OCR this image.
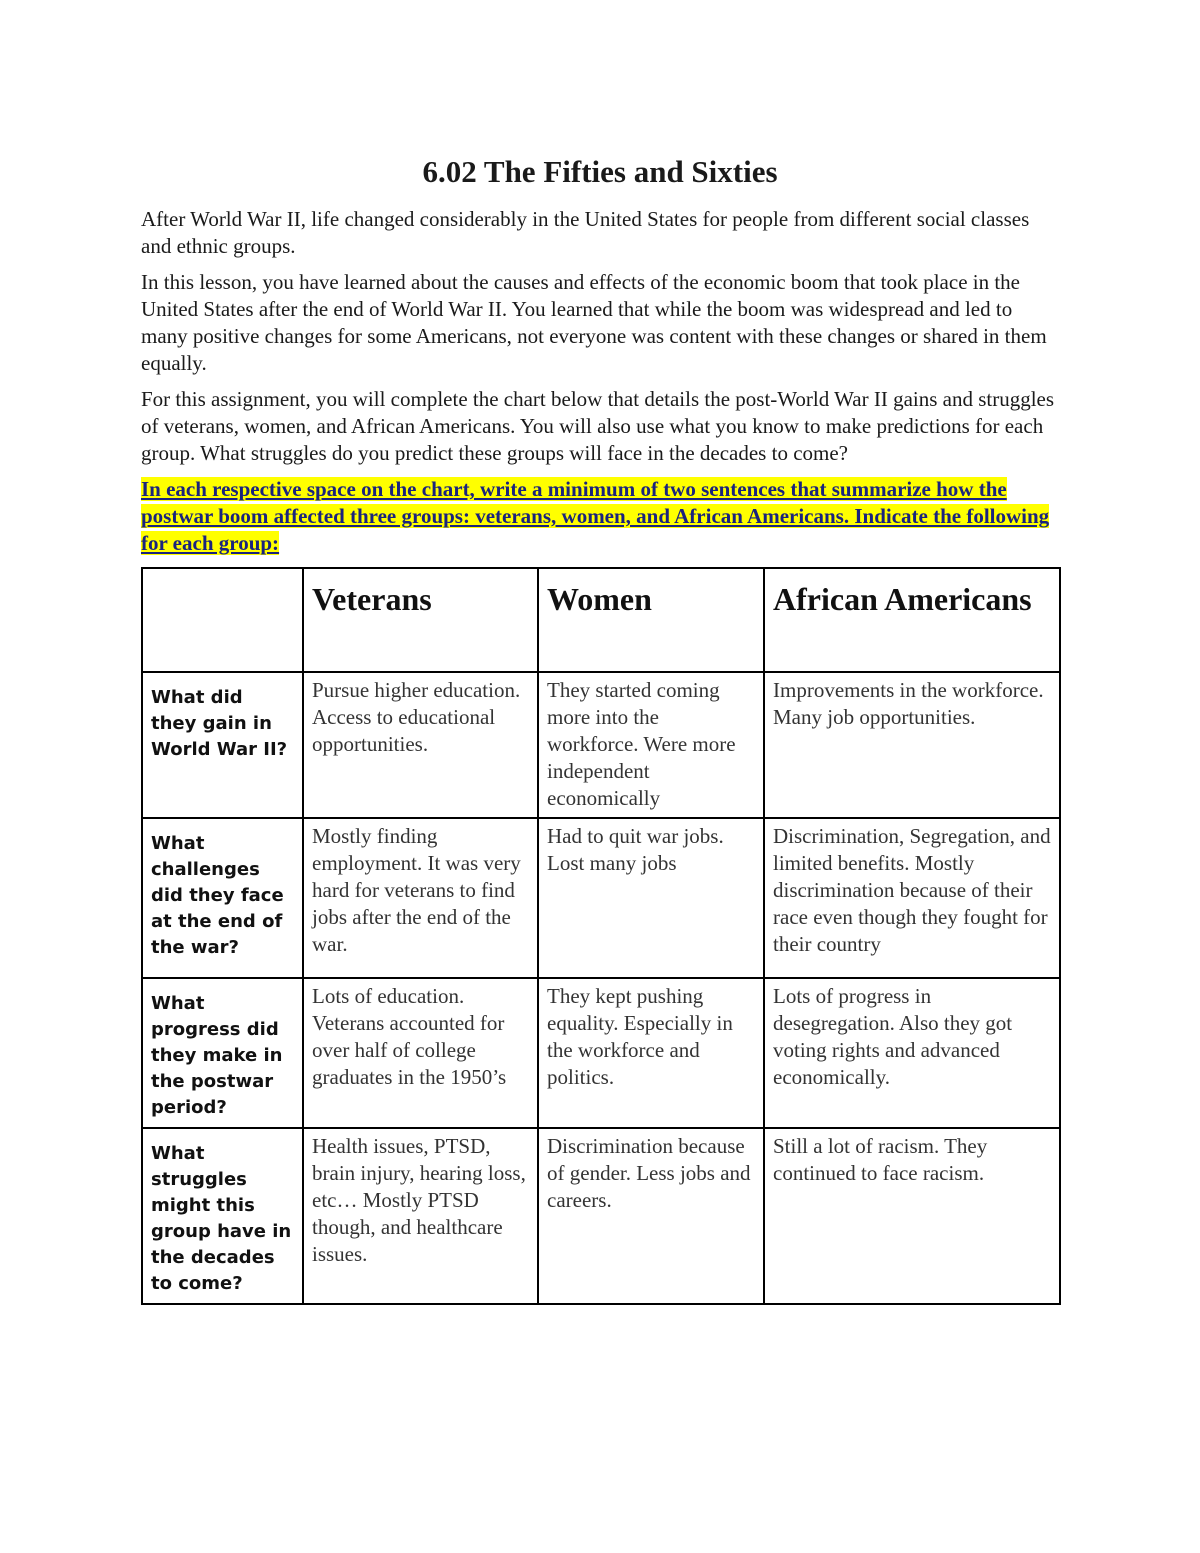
6.02 The Fifties and Sixties

After World War II, life changed considerably in the United States for people from different social classes and ethnic groups.

In this lesson, you have learned about the causes and effects of the economic boom that took place in the United States after the end of World War II. You learned that while the boom was widespread and led to many positive changes for some Americans, not everyone was content with these changes or shared in them equally.

For this assignment, you will complete the chart below that details the post-World War II gains and struggles of veterans, women, and African Americans. You will also use what you know to make predictions for each group. What struggles do you predict these groups will face in the decades to come?

In each respective space on the chart, write a minimum of two sentences that summarize how the postwar boom affected three groups: veterans, women, and African Americans. Indicate the following for each group:

	Veterans	Women	African Americans
What did they gain in World War II?	Pursue higher education. Access to educational opportunities.	They started coming more into the workforce. Were more independent economically	Improvements in the workforce. Many job opportunities.
What challenges did they face at the end of the war?	Mostly finding employment. It was very hard for veterans to find jobs after the end of the war.	Had to quit war jobs. Lost many jobs	Discrimination, Segregation, and limited benefits. Mostly discrimination because of their race even though they fought for their country
What progress did they make in the postwar period?	Lots of education. Veterans accounted for over half of college graduates in the 1950’s	They kept pushing equality. Especially in the workforce and politics.	Lots of progress in desegregation. Also they got voting rights and advanced economically.
What struggles might this group have in the decades to come?	Health issues, PTSD, brain injury, hearing loss, etc… Mostly PTSD though, and healthcare issues.	Discrimination because of gender. Less jobs and careers.	Still a lot of racism. They continued to face racism.
